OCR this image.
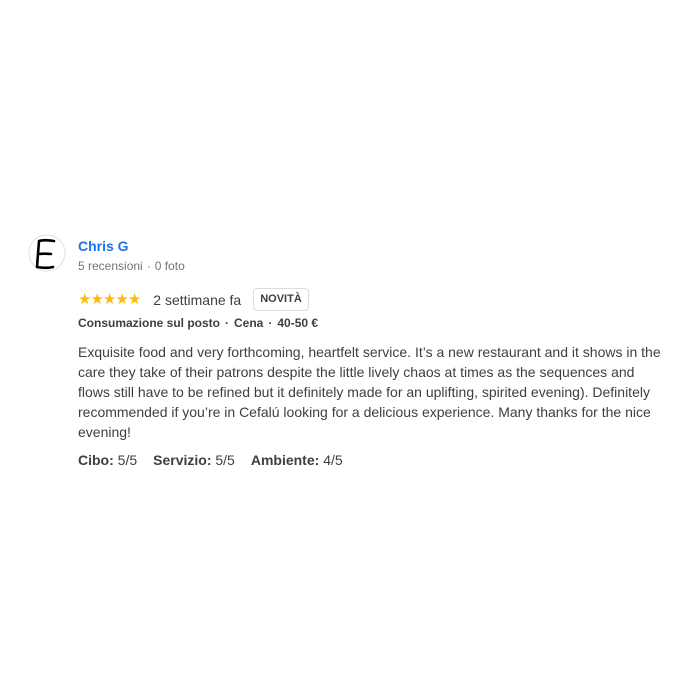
Chris G
5 recensioni · 0 foto
★ ★ ★ ★ ★ 2 settimane fa	NOVITÀ
Consumazione sul posto · Cena · 40-50 €
Exquisite food and very forthcoming, heartfelt service. It’s a new restaurant and it shows in the care they take of their patrons despite the little lively chaos at times as the sequences and flows still have to be refined but it definitely made for an uplifting, spirited evening). Definitely recommended if you’re in Cefalú looking for a delicious experience. Many thanks for the nice evening!
Cibo: 5/5 Servizio: 5/5 Ambiente: 4/5
